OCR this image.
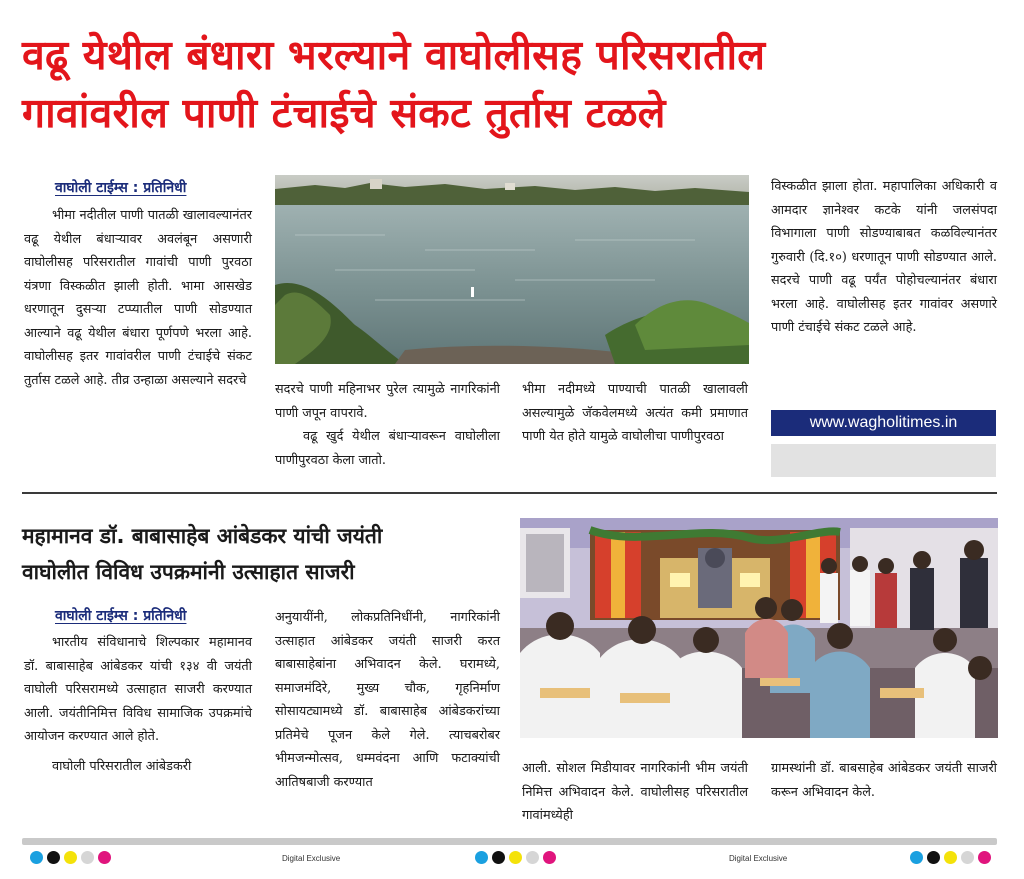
वढू येथील बंधारा भरल्याने वाघोलीसह परिसरातील
गावांवरील पाणी टंचाईचे संकट तुर्तास टळले
वाघोली टाईम्स : प्रतिनिधी

भीमा नदीतील पाणी पातळी खालावल्यानंतर वढू येथील बंधाऱ्यावर अवलंबून असणारी वाघोलीसह परिसरातील गावांची पाणी पुरवठा यंत्रणा विस्कळीत झाली होती. भामा आसखेड धरणातून दुसऱ्या टप्प्यातील पाणी सोडण्यात आल्याने वढू येथील बंधारा पूर्णपणे भरला आहे. वाघोलीसह इतर गावांवरील पाणी टंचाईचे संकट तुर्तास टळले आहे. तीव्र उन्हाळा असल्याने सदरचे

सदरचे पाणी महिनाभर पुरेल त्यामुळे नागरिकांनी पाणी जपून वापरावे.

वढू खुर्द येथील बंधाऱ्यावरून वाघोलीला पाणीपुरवठा केला जातो.

भीमा नदीमध्ये पाण्याची पातळी खालावली असल्यामुळे जॅकवेलमध्ये अत्यंत कमी प्रमाणात पाणी येत होते यामुळे वाघोलीचा पाणीपुरवठा

विस्कळीत झाला होता. महापालिका अधिकारी व आमदार ज्ञानेश्वर कटके यांनी जलसंपदा विभागाला पाणी सोडण्याबाबत कळविल्यानंतर गुरुवारी (दि.१०) धरणातून पाणी सोडण्यात आले. सदरचे पाणी वढू पर्यंत पोहोचल्यानंतर बंधारा भरला आहे. वाघोलीसह इतर गावांवर असणारे पाणी टंचाईचे संकट टळले आहे.

www.wagholitimes.in
महामानव डॉ. बाबासाहेब आंबेडकर यांची जयंती
वाघोलीत विविध उपक्रमांनी उत्साहात साजरी
वाघोली टाईम्स : प्रतिनिधी

भारतीय संविधानाचे शिल्पकार महामानव डॉ. बाबासाहेब आंबेडकर यांची १३४ वी जयंती वाघोली परिसरामध्ये उत्साहात साजरी करण्यात आली. जयंतीनिमित्त विविध सामाजिक उपक्रमांचे आयोजन करण्यात आले होते.

वाघोली परिसरातील आंबेडकरी

अनुयायींनी, लोकप्रतिनिधींनी, नागरिकांनी उत्साहात आंबेडकर जयंती साजरी करत बाबासाहेबांना अभिवादन केले. घरामध्ये, समाजमंदिरे, मुख्य चौक, गृहनिर्माण सोसायट्यामध्ये डॉ. बाबासाहेब आंबेडकरांच्या प्रतिमेचे पूजन केले गेले. त्याचबरोबर भीमजन्मोत्सव, धम्मवंदना आणि फटाक्यांची आतिषबाजी करण्यात

आली. सोशल मिडीयावर नागरिकांनी भीम जयंती निमित्त अभिवादन केले. वाघोलीसह परिसरातील गावांमध्येही

ग्रामस्थांनी डॉ. बाबसाहेब आंबेडकर जयंती साजरी करून अभिवादन केले.

Digital Exclusive	Digital Exclusive
